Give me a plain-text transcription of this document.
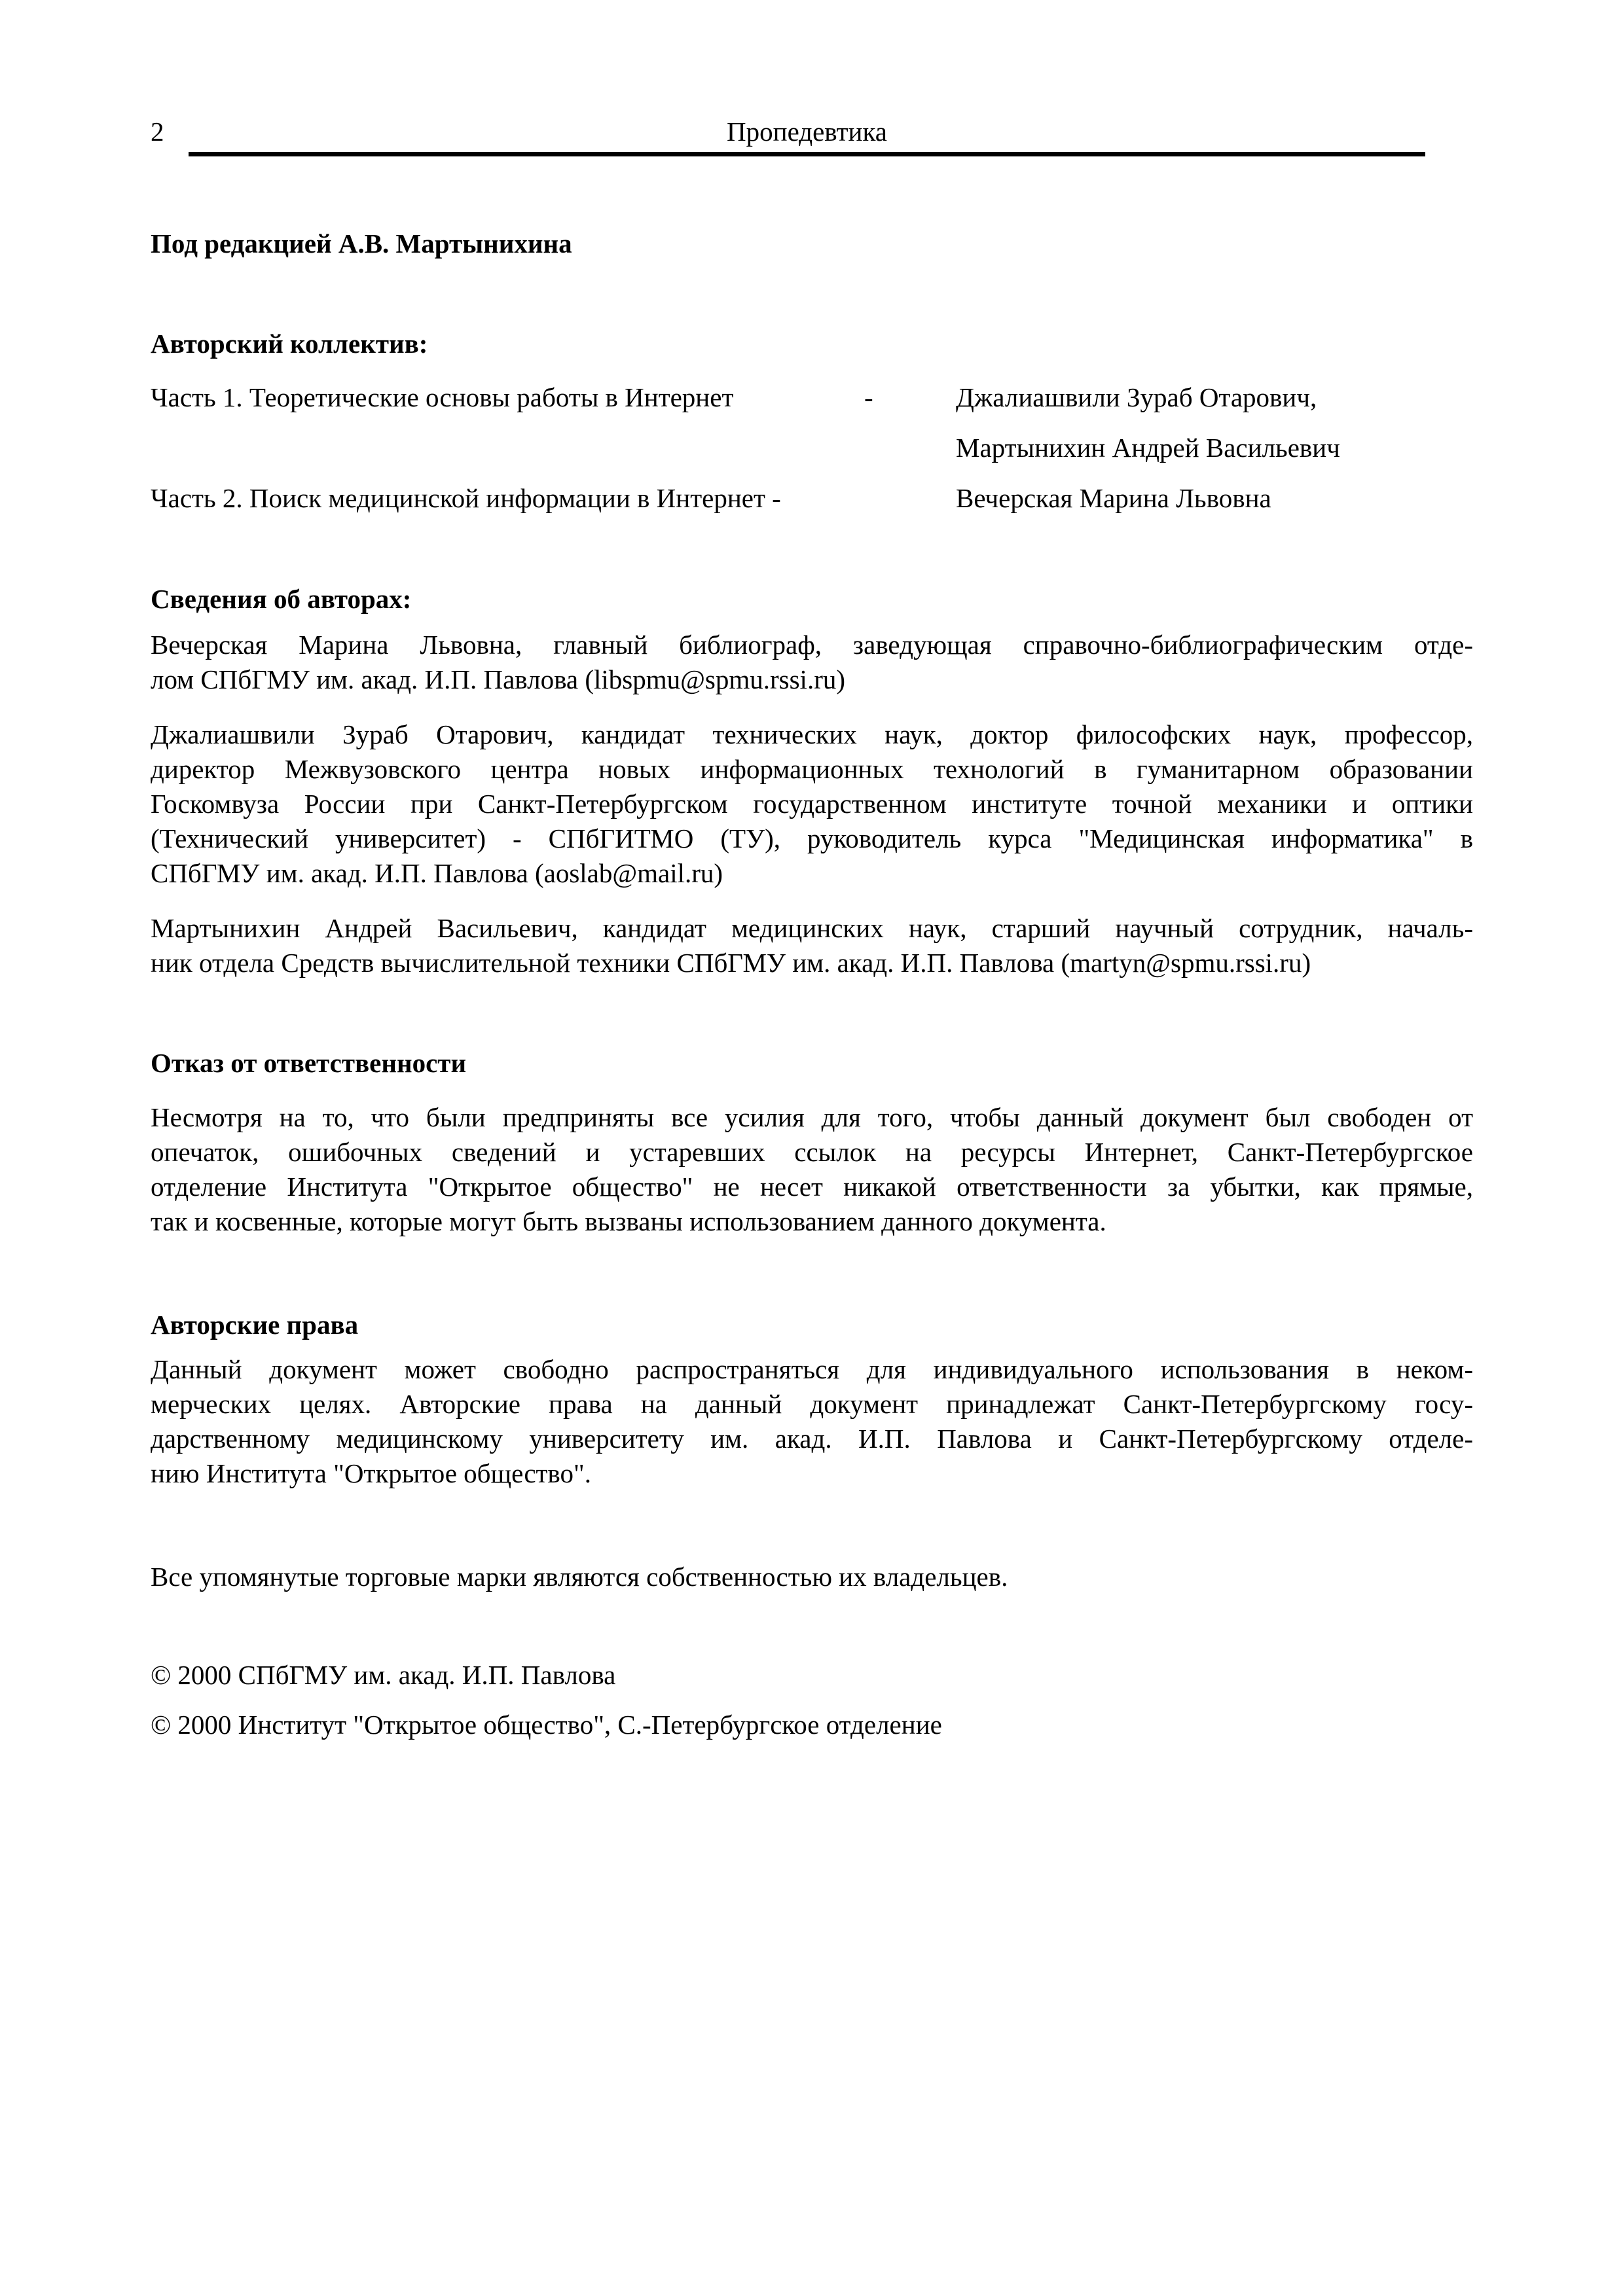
2	Пропедевтика
Под редакцией А.В. Мартынихина
Авторский коллектив:
Часть 1. Теоретические основы работы в Интернет	-	Джалиашвили Зураб Отарович,
Мартынихин Андрей Васильевич
Часть 2. Поиск медицинской информации в Интернет -	Вечерская Марина Львовна
Сведения об авторах:
Вечерская Марина Львовна, главный библиограф, заведующая справочно-библиографическим отде-
лом СПбГМУ им. акад. И.П. Павлова (libspmu@spmu.rssi.ru)
Джалиашвили Зураб Отарович, кандидат технических наук, доктор философских наук, профессор,
директор Межвузовского центра новых информационных технологий в гуманитарном образовании
Госкомвуза России при Санкт-Петербургском государственном институте точной механики и оптики
(Технический университет) - СПбГИТМО (ТУ), руководитель курса "Медицинская информатика" в
СПбГМУ им. акад. И.П. Павлова (aoslab@mail.ru)
Мартынихин Андрей Васильевич, кандидат медицинских наук, старший научный сотрудник, началь-
ник отдела Средств вычислительной техники СПбГМУ им. акад. И.П. Павлова (martyn@spmu.rssi.ru)
Отказ от ответственности
Несмотря на то, что были предприняты все усилия для того, чтобы данный документ был свободен от
опечаток, ошибочных сведений и устаревших ссылок на ресурсы Интернет, Санкт-Петербургское
отделение Института "Открытое общество" не несет никакой ответственности за убытки, как прямые,
так и косвенные, которые могут быть вызваны использованием данного документа.
Авторские права
Данный документ может свободно распространяться для индивидуального использования в неком-
мерческих целях. Авторские права на данный документ принадлежат Санкт-Петербургскому госу-
дарственному медицинскому университету им. акад. И.П. Павлова и Санкт-Петербургскому отделе-
нию Института "Открытое общество".
Все упомянутые торговые марки являются собственностью их владельцев.
© 2000 СПбГМУ им. акад. И.П. Павлова
© 2000 Институт "Открытое общество", С.-Петербургское отделение
